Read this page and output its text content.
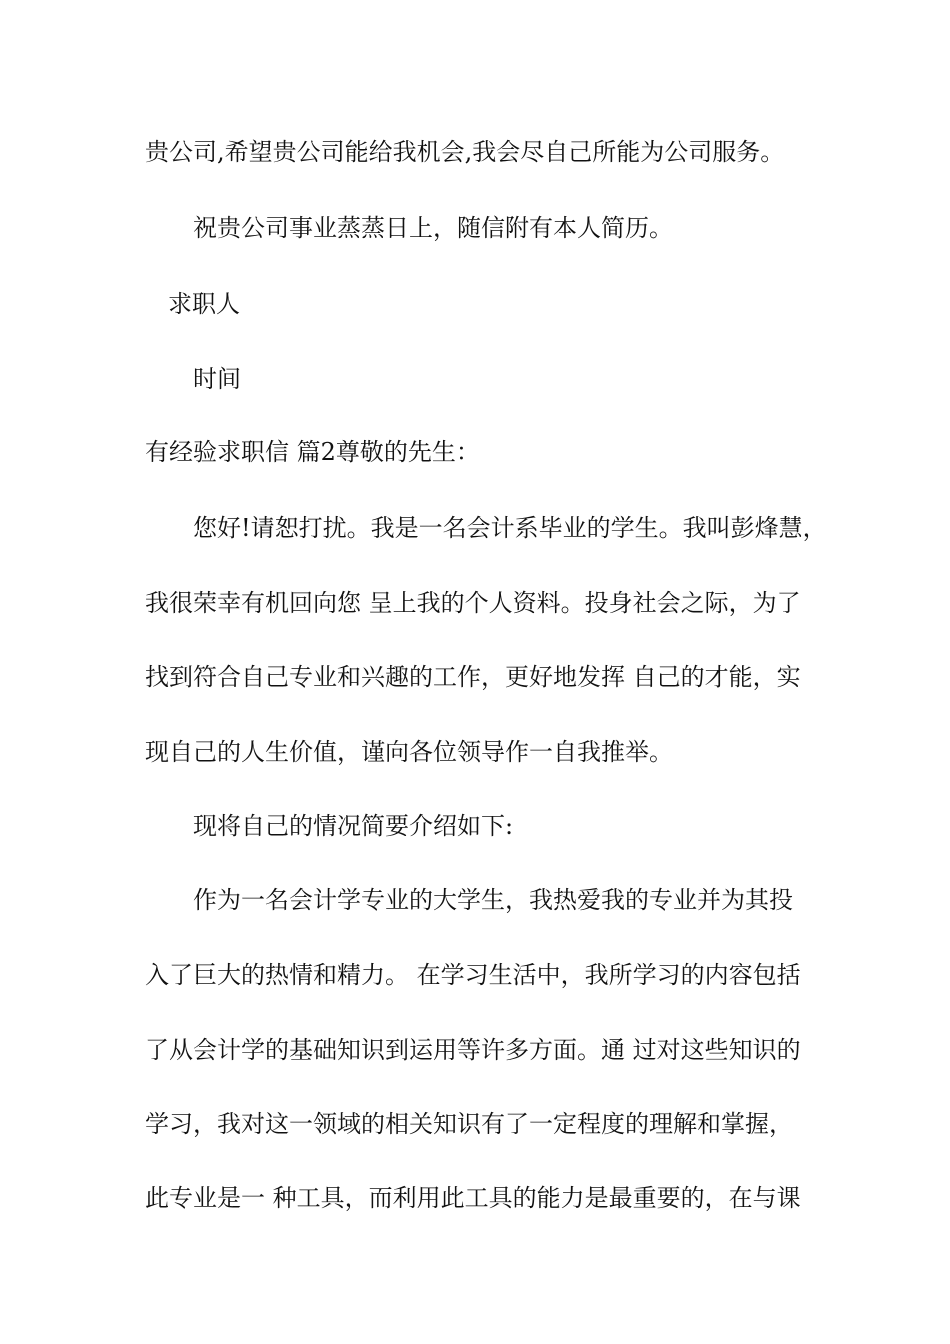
贵公司,希望贵公司能给我机会,我会尽自己所能为公司服务。
祝贵公司事业蒸蒸日上，随信附有本人简历。
求职人
时间
有经验求职信 篇2尊敬的先生：
您好!请恕打扰。我是一名会计系毕业的学生。我叫彭烽慧，
我很荣幸有机回向您 呈上我的个人资料。投身社会之际，为了
找到符合自己专业和兴趣的工作，更好地发挥 自己的才能，实
现自己的人生价值，谨向各位领导作一自我推举。
现将自己的情况简要介绍如下:
作为一名会计学专业的大学生，我热爱我的专业并为其投
入了巨大的热情和精力。 在学习生活中，我所学习的内容包括
了从会计学的基础知识到运用等许多方面。通 过对这些知识的
学习，我对这一领域的相关知识有了一定程度的理解和掌握，
此专业是一 种工具，而利用此工具的能力是最重要的，在与课
